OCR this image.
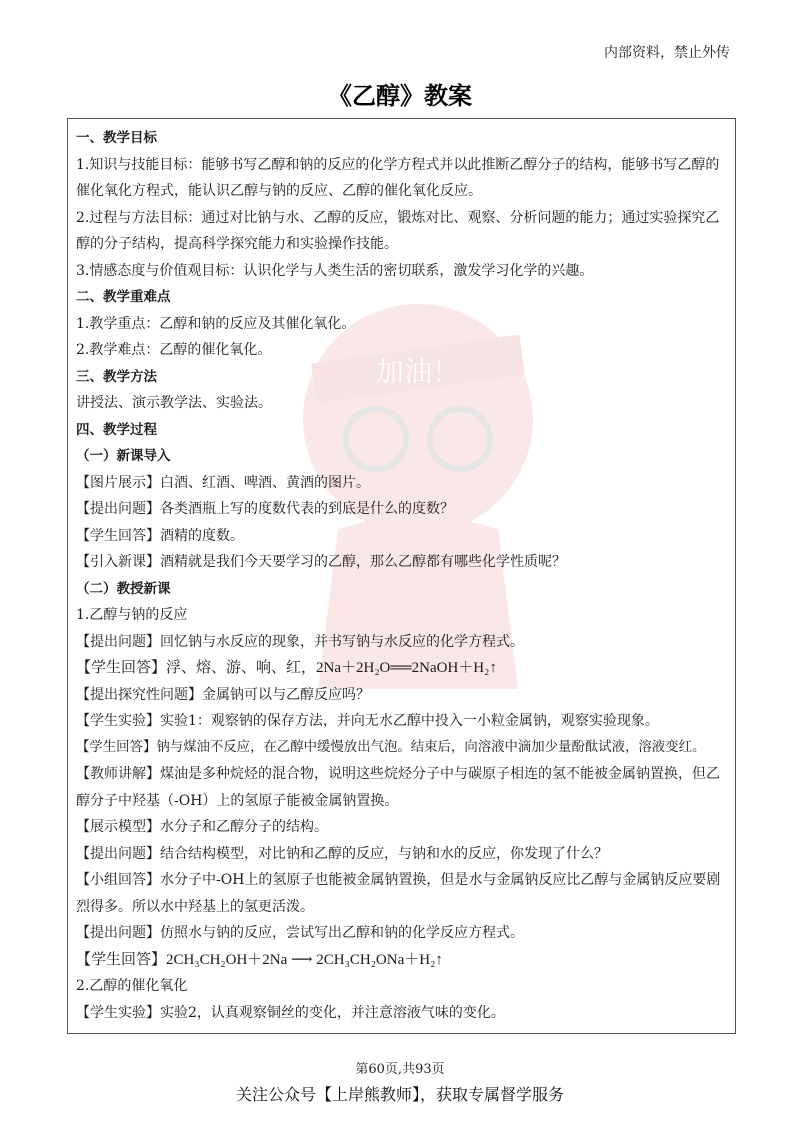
内部资料，禁止外传
《乙醇》教案
加油！
一、教学目标
1.知识与技能目标：能够书写乙醇和钠的反应的化学方程式并以此推断乙醇分子的结构，能够书写乙醇的
催化氧化方程式，能认识乙醇与钠的反应、乙醇的催化氧化反应。
2.过程与方法目标：通过对比钠与水、乙醇的反应，锻炼对比、观察、分析问题的能力；通过实验探究乙
醇的分子结构，提高科学探究能力和实验操作技能。
3.情感态度与价值观目标：认识化学与人类生活的密切联系，激发学习化学的兴趣。
二、教学重难点
1.教学重点：乙醇和钠的反应及其催化氧化。
2.教学难点：乙醇的催化氧化。
三、教学方法
讲授法、演示教学法、实验法。
四、教学过程
（一）新课导入
【图片展示】白酒、红酒、啤酒、黄酒的图片。
【提出问题】各类酒瓶上写的度数代表的到底是什么的度数？
【学生回答】酒精的度数。
【引入新课】酒精就是我们今天要学习的乙醇，那么乙醇都有哪些化学性质呢？
（二）教授新课
1.乙醇与钠的反应
【提出问题】回忆钠与水反应的现象，并书写钠与水反应的化学方程式。
【学生回答】浮、熔、游、响、红，2Na＋2H₂O══2NaOH＋H₂↑
【提出探究性问题】金属钠可以与乙醇反应吗？
【学生实验】实验1：观察钠的保存方法，并向无水乙醇中投入一小粒金属钠，观察实验现象。
【学生回答】钠与煤油不反应，在乙醇中缓慢放出气泡。结束后，向溶液中滴加少量酚酞试液，溶液变红。
【教师讲解】煤油是多种烷烃的混合物，说明这些烷烃分子中与碳原子相连的氢不能被金属钠置换，但乙
醇分子中羟基（-OH）上的氢原子能被金属钠置换。
【展示模型】水分子和乙醇分子的结构。
【提出问题】结合结构模型，对比钠和乙醇的反应，与钠和水的反应，你发现了什么？
【小组回答】水分子中-OH上的氢原子也能被金属钠置换，但是水与金属钠反应比乙醇与金属钠反应要剧
烈得多。所以水中羟基上的氢更活泼。
【提出问题】仿照水与钠的反应，尝试写出乙醇和钠的化学反应方程式。
【学生回答】2CH₃CH₂OH＋2Na ⟶ 2CH₃CH₂ONa＋H₂↑
2.乙醇的催化氧化
【学生实验】实验2，认真观察铜丝的变化，并注意溶液气味的变化。
第60页,共93页
关注公众号【上岸熊教师】，获取专属督学服务
